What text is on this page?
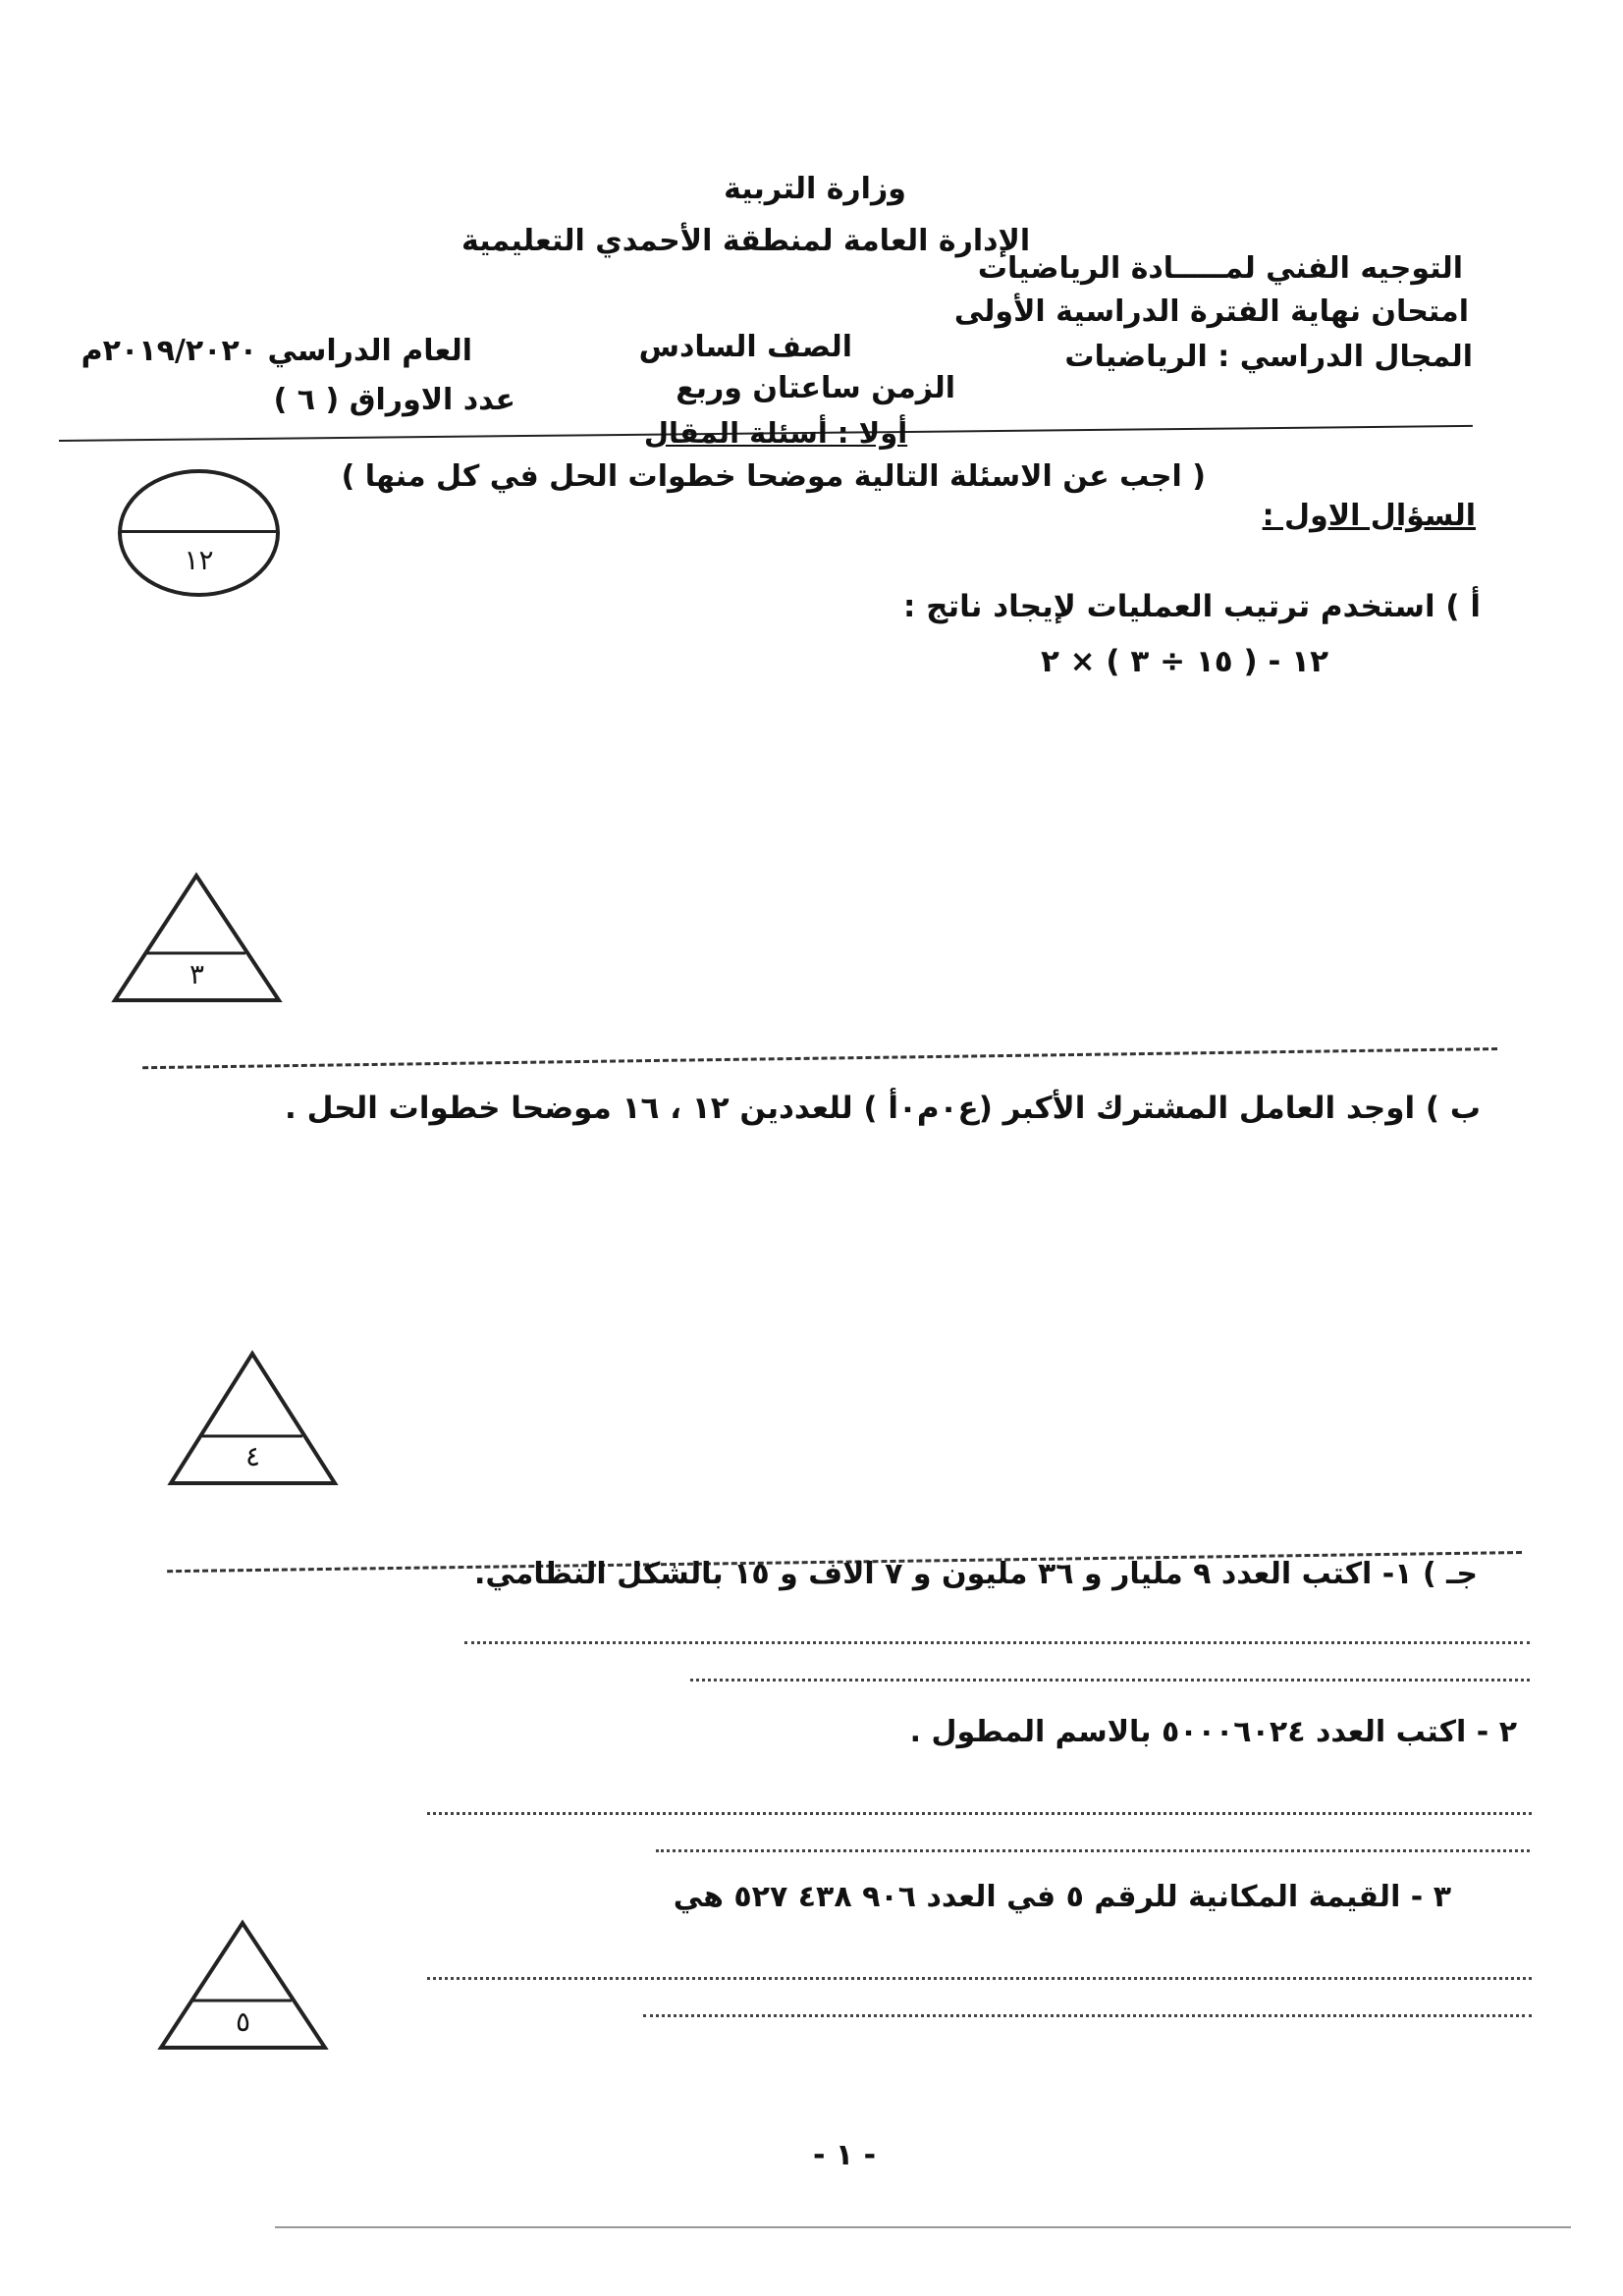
وزارة التربية
الإدارة العامة لمنطقة الأحمدي التعليمية
التوجيه الفني لمـــــادة الرياضيات
امتحان نهاية الفترة الدراسية الأولى
المجال الدراسي : الرياضيات
الصف السادس
العام الدراسي ٢٠١٩/٢٠٢٠م
الزمن ساعتان وربع
عدد الاوراق ( ٦ )
أولا : أسئلة المقال
( اجب عن الاسئلة التالية موضحا خطوات الحل في كل منها )
السؤال الاول :
١٢
أ ) استخدم ترتيب العمليات لإيجاد ناتج :
١٢ - ( ١٥ ÷ ٣ ) × ٢
٣
ب ) اوجد العامل المشترك الأكبر (ع٠م٠أ ) للعددين ١٢ ، ١٦ موضحا خطوات الحل .
٤
جـ ) ١- اكتب العدد ٩ مليار و ٣٦ مليون و ٧ الاف و ١٥ بالشكل النظامي.
٢ - اكتب العدد ٥٠٠٠٦٠٢٤ بالاسم المطول .
٣ - القيمة المكانية للرقم ٥ في العدد ٩٠٦ ٤٣٨ ٥٢٧ هي
٥
- ١ -
